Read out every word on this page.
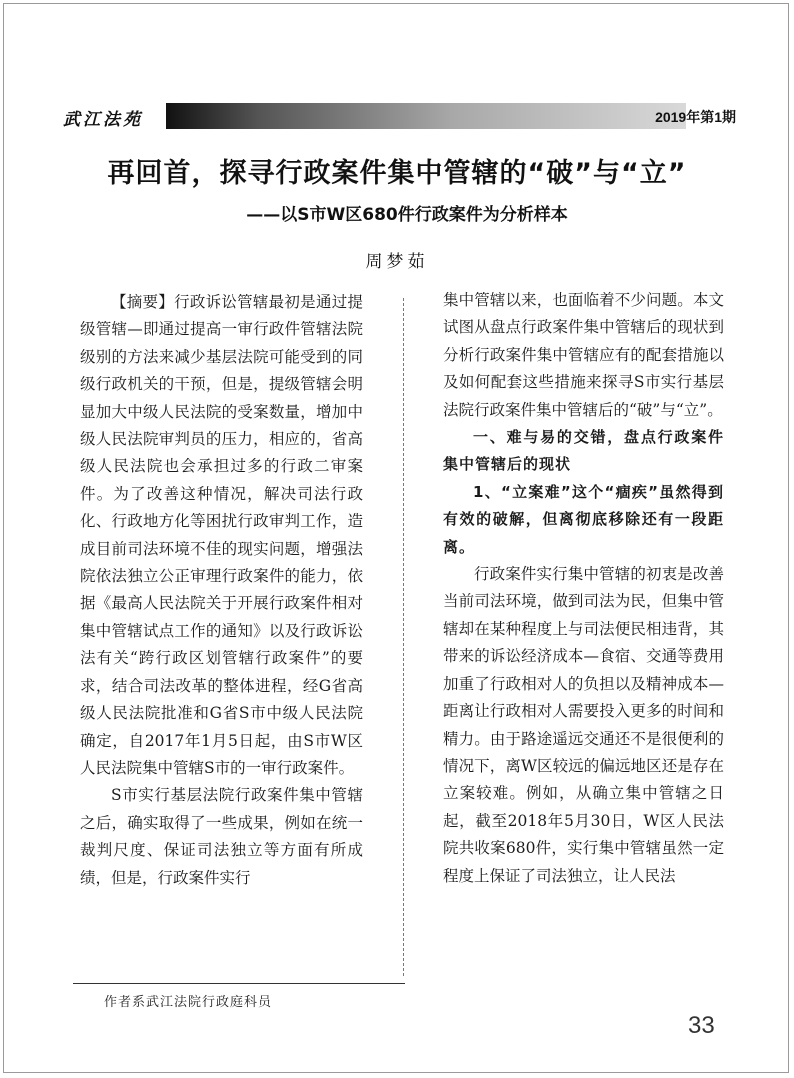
武江法苑	2019年第1期
再回首，探寻行政案件集中管辖的“破”与“立”
——以S市W区680件行政案件为分析样本
周梦茹

【摘要】行政诉讼管辖最初是通过提级管辖—即通过提高一审行政件管辖法院级别的方法来减少基层法院可能受到的同级行政机关的干预，但是，提级管辖会明显加大中级人民法院的受案数量，增加中级人民法院审判员的压力，相应的，省高级人民法院也会承担过多的行政二审案件。为了改善这种情况，解决司法行政化、行政地方化等困扰行政审判工作，造成目前司法环境不佳的现实问题，增强法院依法独立公正审理行政案件的能力，依据《最高人民法院关于开展行政案件相对集中管辖试点工作的通知》以及行政诉讼法有关“跨行政区划管辖行政案件”的要求，结合司法改革的整体进程，经G省高级人民法院批准和G省S市中级人民法院确定，自2017年1月5日起，由S市W区人民法院集中管辖S市的一审行政案件。

S市实行基层法院行政案件集中管辖之后，确实取得了一些成果，例如在统一裁判尺度、保证司法独立等方面有所成绩，但是，行政案件实行

集中管辖以来，也面临着不少问题。本文试图从盘点行政案件集中管辖后的现状到分析行政案件集中管辖应有的配套措施以及如何配套这些措施来探寻S市实行基层法院行政案件集中管辖后的“破”与“立”。

一、难与易的交错，盘点行政案件集中管辖后的现状

1、“立案难”这个“痼疾”虽然得到有效的破解，但离彻底移除还有一段距离。

行政案件实行集中管辖的初衷是改善当前司法环境，做到司法为民，但集中管辖却在某种程度上与司法便民相违背，其带来的诉讼经济成本—食宿、交通等费用加重了行政相对人的负担以及精神成本—距离让行政相对人需要投入更多的时间和精力。由于路途遥远交通还不是很便利的情况下，离W区较远的偏远地区还是存在立案较难。例如，从确立集中管辖之日起，截至2018年5月30日，W区人民法院共收案680件，实行集中管辖虽然一定程度上保证了司法独立，让人民法

作者系武江法院行政庭科员
33
